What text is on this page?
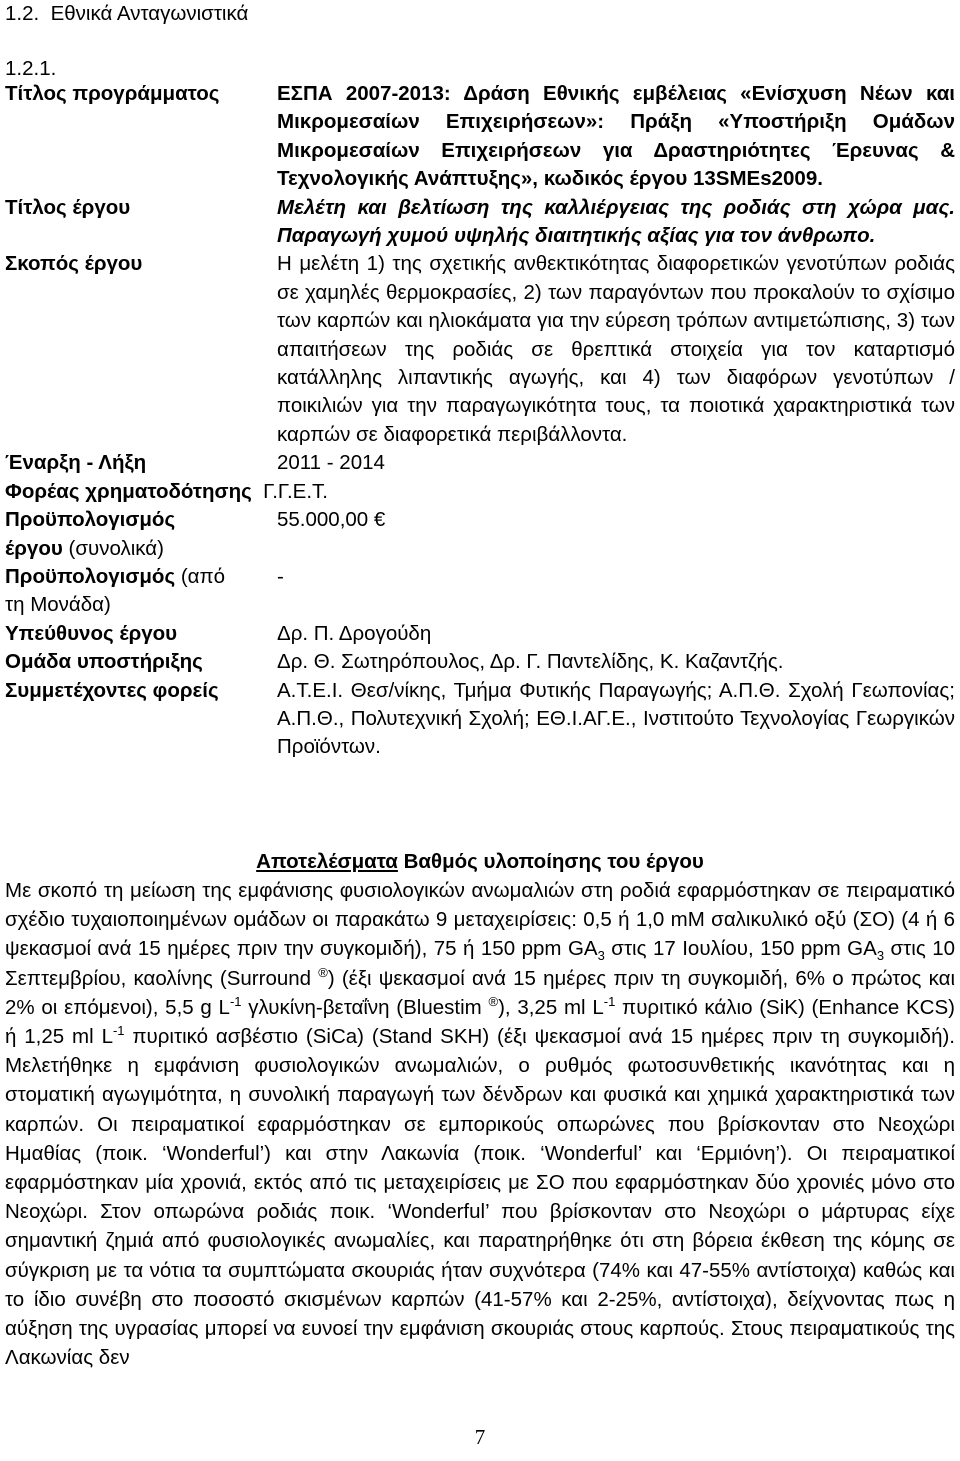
1.2. Εθνικά Ανταγωνιστικά
1.2.1.
Τίτλος προγράμματος	ΕΣΠΑ 2007-2013: Δράση Εθνικής εμβέλειας «Ενίσχυση Νέων και Μικρομεσαίων Επιχειρήσεων»: Πράξη «Υποστήριξη Ομάδων Μικρομεσαίων Επιχειρήσεων για Δραστηριότητες Έρευνας & Τεχνολογικής Ανάπτυξης», κωδικός έργου 13SMEs2009.
Τίτλος έργου	Μελέτη και βελτίωση της καλλιέργειας της ροδιάς στη χώρα μας. Παραγωγή χυμού υψηλής διαιτητικής αξίας για τον άνθρωπο.
Σκοπός έργου	Η μελέτη 1) της σχετικής ανθεκτικότητας διαφορετικών γενοτύπων ροδιάς σε χαμηλές θερμοκρασίες, 2) των παραγόντων που προκαλούν το σχίσιμο των καρπών και ηλιοκάματα για την εύρεση τρόπων αντιμετώπισης, 3) των απαιτήσεων της ροδιάς σε θρεπτικά στοιχεία για τον καταρτισμό κατάλληλης λιπαντικής αγωγής, και 4) των διαφόρων γενοτύπων / ποικιλιών για την παραγωγικότητα τους, τα ποιοτικά χαρακτηριστικά των καρπών σε διαφορετικά περιβάλλοντα.
Έναρξη - Λήξη	2011 - 2014
Φορέας χρηματοδότησης Γ.Γ.Ε.Τ.	
Προϋπολογισμός
έργου (συνολικά)	55.000,00 €
Προϋπολογισμός (από
τη Μονάδα)	-
Υπεύθυνος έργου	Δρ. Π. Δρογούδη
Ομάδα υποστήριξης	Δρ. Θ. Σωτηρόπουλος, Δρ. Γ. Παντελίδης, Κ. Καζαντζής.
Συμμετέχοντες φορείς	Α.Τ.Ε.Ι. Θεσ/νίκης, Τμήμα Φυτικής Παραγωγής; Α.Π.Θ. Σχολή Γεωπονίας; Α.Π.Θ., Πολυτεχνική Σχολή; ΕΘ.Ι.ΑΓ.Ε., Ινστιτούτο Τεχνολογίας Γεωργικών Προϊόντων.
Αποτελέσματα Βαθμός υλοποίησης του έργου
Με σκοπό τη μείωση της εμφάνισης φυσιολογικών ανωμαλιών στη ροδιά εφαρμόστηκαν σε πειραματικό σχέδιο τυχαιοποιημένων ομάδων οι παρακάτω 9 μεταχειρίσεις: 0,5 ή 1,0 mM σαλικυλικό οξύ (ΣΟ) (4 ή 6 ψεκασμοί ανά 15 ημέρες πριν την συγκομιδή), 75 ή 150 ppm $GA_3$ στις 17 Ιουλίου, 150 ppm $GA_3$ στις 10 Σεπτεμβρίου, καολίνης (Surround ®) (έξι ψεκασμοί ανά 15 ημέρες πριν τη συγκομιδή, 6% ο πρώτος και 2% οι επόμενοι), 5,5 g $L^{-1}$ γλυκίνη-βεταΐνη (Bluestim ®), 3,25 ml $L^{-1}$ πυριτικό κάλιο (SiK) (Enhance KCS) ή 1,25 ml $L^{-1}$ πυριτικό ασβέστιο (SiCa) (Stand SKH) (έξι ψεκασμοί ανά 15 ημέρες πριν τη συγκομιδή). Μελετήθηκε η εμφάνιση φυσιολογικών ανωμαλιών, ο ρυθμός φωτοσυνθετικής ικανότητας και η στοματική αγωγιμότητα, η συνολική παραγωγή των δένδρων και φυσικά και χημικά χαρακτηριστικά των καρπών. Οι πειραματικοί εφαρμόστηκαν σε εμπορικούς οπωρώνες που βρίσκονταν στο Νεοχώρι Ημαθίας (ποικ. ‘Wonderful’) και στην Λακωνία (ποικ. ‘Wonderful’ και ‘Ερμιόνη’). Οι πειραματικοί εφαρμόστηκαν μία χρονιά, εκτός από τις μεταχειρίσεις με ΣΟ που εφαρμόστηκαν δύο χρονιές μόνο στο Νεοχώρι. Στον οπωρώνα ροδιάς ποικ. ‘Wonderful’ που βρίσκονταν στο Νεοχώρι ο μάρτυρας είχε σημαντική ζημιά από φυσιολογικές ανωμαλίες, και παρατηρήθηκε ότι στη βόρεια έκθεση της κόμης σε σύγκριση με τα νότια τα συμπτώματα σκουριάς ήταν συχνότερα (74% και 47-55% αντίστοιχα) καθώς και το ίδιο συνέβη στο ποσοστό σκισμένων καρπών (41-57% και 2-25%, αντίστοιχα), δείχνοντας πως η αύξηση της υγρασίας μπορεί να ευνοεί την εμφάνιση σκουριάς στους καρπούς. Στους πειραματικούς της Λακωνίας δεν
7
